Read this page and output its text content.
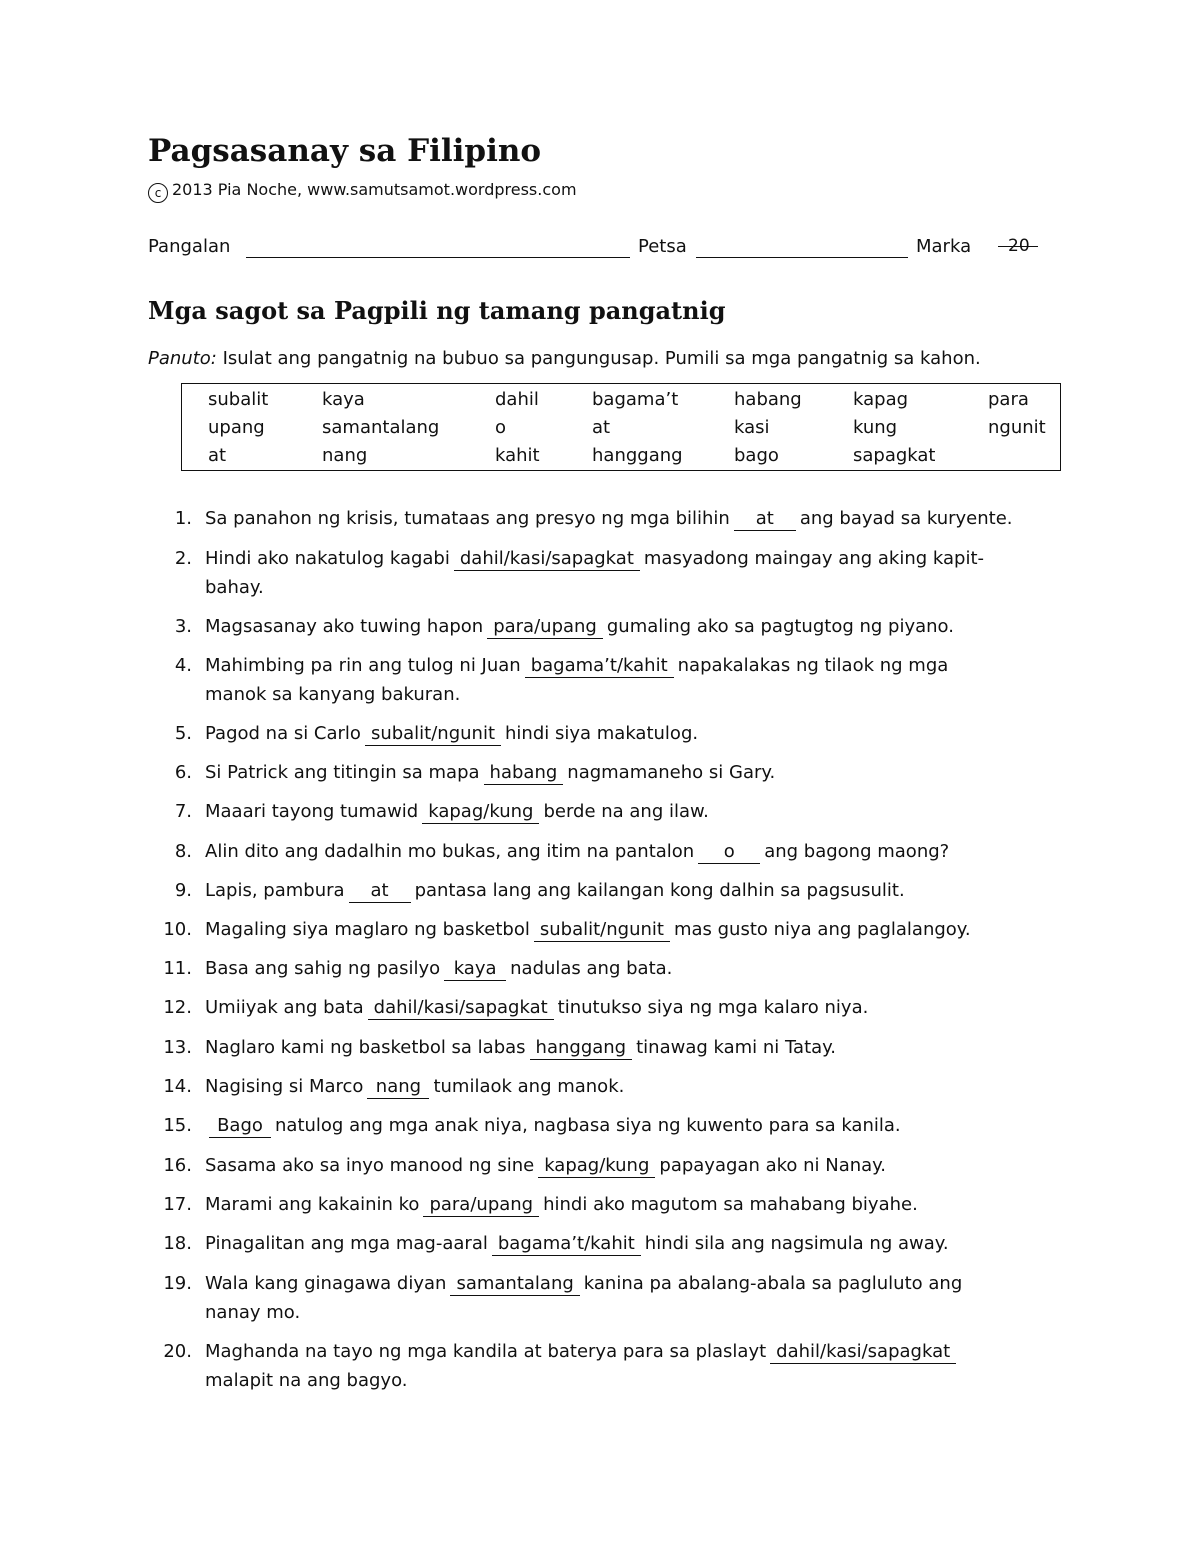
Pagsasanay sa Filipino
c 2013 Pia Noche, www.samutsamot.wordpress.com
Pangalan	Petsa	Marka 20
Mga sagot sa Pagpili ng tamang pangatnig
Panuto: Isulat ang pangatnig na bubuo sa pangungusap. Pumili sa mga pangatnig sa kahon.
subalit	kaya	dahil	bagama’t	habang	kapag	para
upang	samantalang	o	at	kasi	kung	ngunit
at	nang	kahit	hanggang	bago	sapagkat
1. Sa panahon ng krisis, tumataas ang presyo ng mga bilihin at ang bayad sa kuryente.
2. Hindi ako nakatulog kagabi dahil/kasi/sapagkat masyadong maingay ang aking kapit-
bahay.
3. Magsasanay ako tuwing hapon para/upang gumaling ako sa pagtugtog ng piyano.
4. Mahimbing pa rin ang tulog ni Juan bagama’t/kahit napakalakas ng tilaok ng mga
manok sa kanyang bakuran.
5. Pagod na si Carlo subalit/ngunit hindi siya makatulog.
6. Si Patrick ang titingin sa mapa habang nagmamaneho si Gary.
7. Maaari tayong tumawid kapag/kung berde na ang ilaw.
8. Alin dito ang dadalhin mo bukas, ang itim na pantalon o ang bagong maong?
9. Lapis, pambura at pantasa lang ang kailangan kong dalhin sa pagsusulit.
10. Magaling siya maglaro ng basketbol subalit/ngunit mas gusto niya ang paglalangoy.
11. Basa ang sahig ng pasilyo kaya nadulas ang bata.
12. Umiiyak ang bata dahil/kasi/sapagkat tinutukso siya ng mga kalaro niya.
13. Naglaro kami ng basketbol sa labas hanggang tinawag kami ni Tatay.
14. Nagising si Marco nang tumilaok ang manok.
15.	Bago natulog ang mga anak niya, nagbasa siya ng kuwento para sa kanila.
16. Sasama ako sa inyo manood ng sine kapag/kung papayagan ako ni Nanay.
17. Marami ang kakainin ko para/upang hindi ako magutom sa mahabang biyahe.
18. Pinagalitan ang mga mag-aaral bagama’t/kahit hindi sila ang nagsimula ng away.
19. Wala kang ginagawa diyan samantalang kanina pa abalang-abala sa pagluluto ang
nanay mo.
20. Maghanda na tayo ng mga kandila at baterya para sa plaslayt dahil/kasi/sapagkat
malapit na ang bagyo.
